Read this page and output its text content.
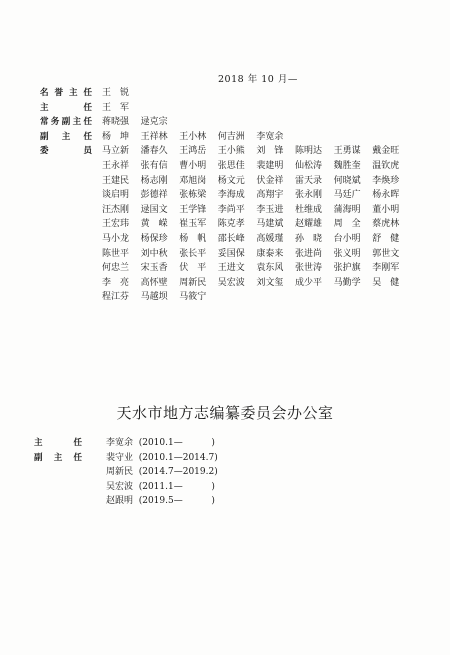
2018 年 10 月—
名誉主任 王　锐
主　　任 王　军
常务副主任 蒋晓强	逯克宗
副 主 任 杨　坤	王祥林	王小林	何吉洲	李宽余
委　　员 马立新	潘春久	王鸿岳	王小熊	刘　锋	陈明达	王勇谋	戴金旺
王永祥	张有信	曹小明	张思佳	裴建明	仙松涛	魏胜奎	温钦虎
王建民	杨志刚	邓旭岗	杨文元	伏金祥	雷天录	何晓斌	李焕珍
谈启明	彭德祥	张栋梁	李海成	高翔宇	张永刚	马廷广	杨永晖
汪杰刚	逯国文	王学锋	李尚平	李玉进	杜维成	蒲海明	董小明
王宏玮	黄　嵘	崔玉军	陈克孝	马建斌	赵耀雄	周　全	蔡虎林
马小龙	杨保珍	杨　帆	邵长峰	高媛瑾	孙　晓	台小明	舒　健
陈世平	刘中秋	张长平	妥国保	康泰来	张进尚	张义明	郭世文
何忠兰	宋玉香	伏　平	王进文	袁东风	张世涛	张护旗	李刚军
李　亮	高怀壁	周新民	吴宏波	刘文玺	成少平	马勤学	吴　健
程江芬	马越坝	马筱宁
天水市地方志编纂委员会办公室
主　　任	李宽余  (2010.1—          )
副 主 任	裴守业  (2010.1—2014.7)
周新民  (2014.7—2019.2)
吴宏波  (2011.1—          )
赵跟明  (2019.5—          )
